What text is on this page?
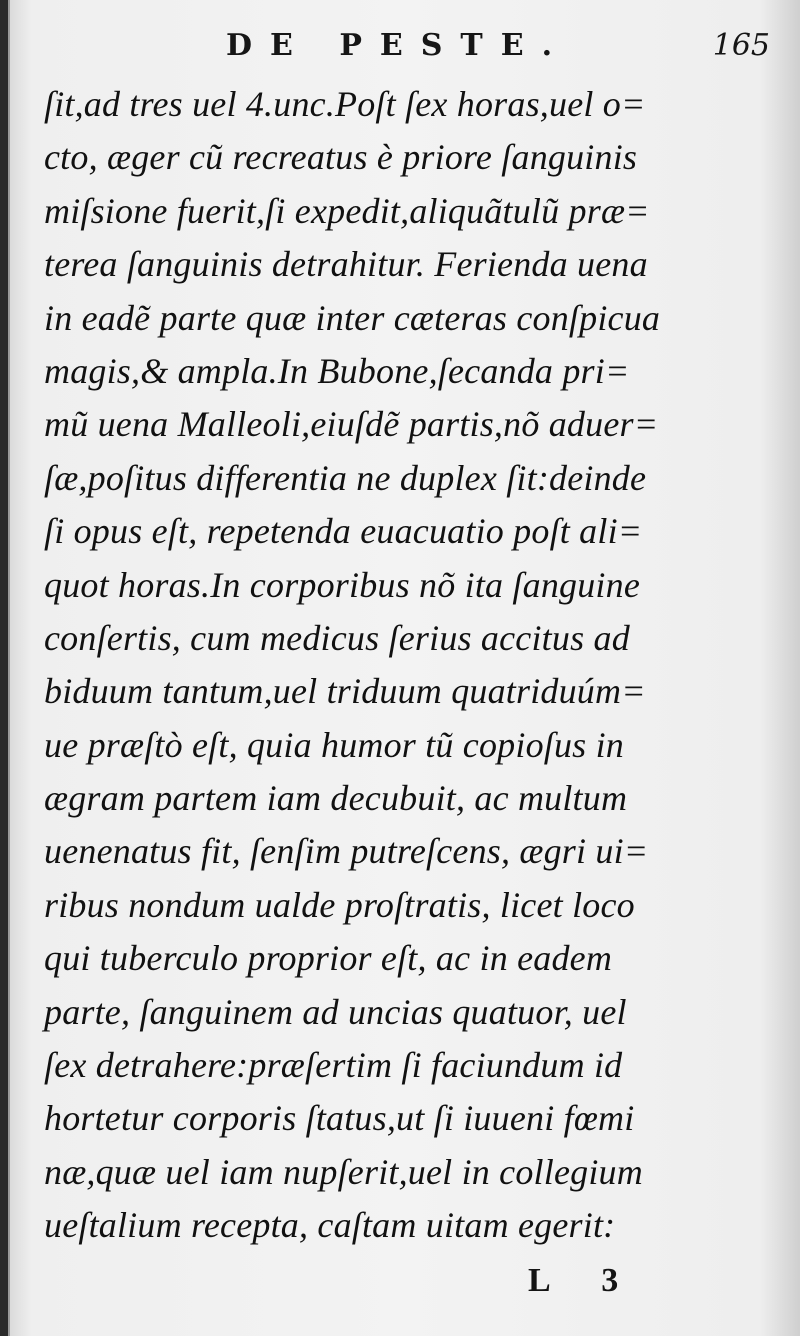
DE PESTE.	165
ſit,ad tres uel 4.unc.Poſt ſex horas,uel o=
cto, æger cũ recreatus è priore ſanguinis
miſsione fuerit,ſi expedit,aliquãtulũ præ=
terea ſanguinis detrahitur. Ferienda uena
in eadẽ parte quæ inter cæteras conſpicua
magis,& ampla.In Bubone,ſecanda pri=
mũ uena Malleoli,eiuſdẽ partis,nõ aduer=
ſæ,poſitus differentia ne duplex ſit:deinde
ſi opus eſt, repetenda euacuatio poſt ali=
quot horas.In corporibus nõ ita ſanguine
conſertis, cum medicus ſerius accitus ad
biduum tantum,uel triduum quatriduúm=
ue præſtò eſt, quia humor tũ copioſus in
ægram partem iam decubuit, ac multum
uenenatus fit, ſenſim putreſcens, ægri ui=
ribus nondum ualde proſtratis, licet loco
qui tuberculo proprior eſt, ac in eadem
parte, ſanguinem ad uncias quatuor, uel
ſex detrahere:præſertim ſi faciundum id
hortetur corporis ſtatus,ut ſi iuueni fœmi
næ,quæ uel iam nupſerit,uel in collegium
ueſtalium recepta, caſtam uitam egerit:
L 3
